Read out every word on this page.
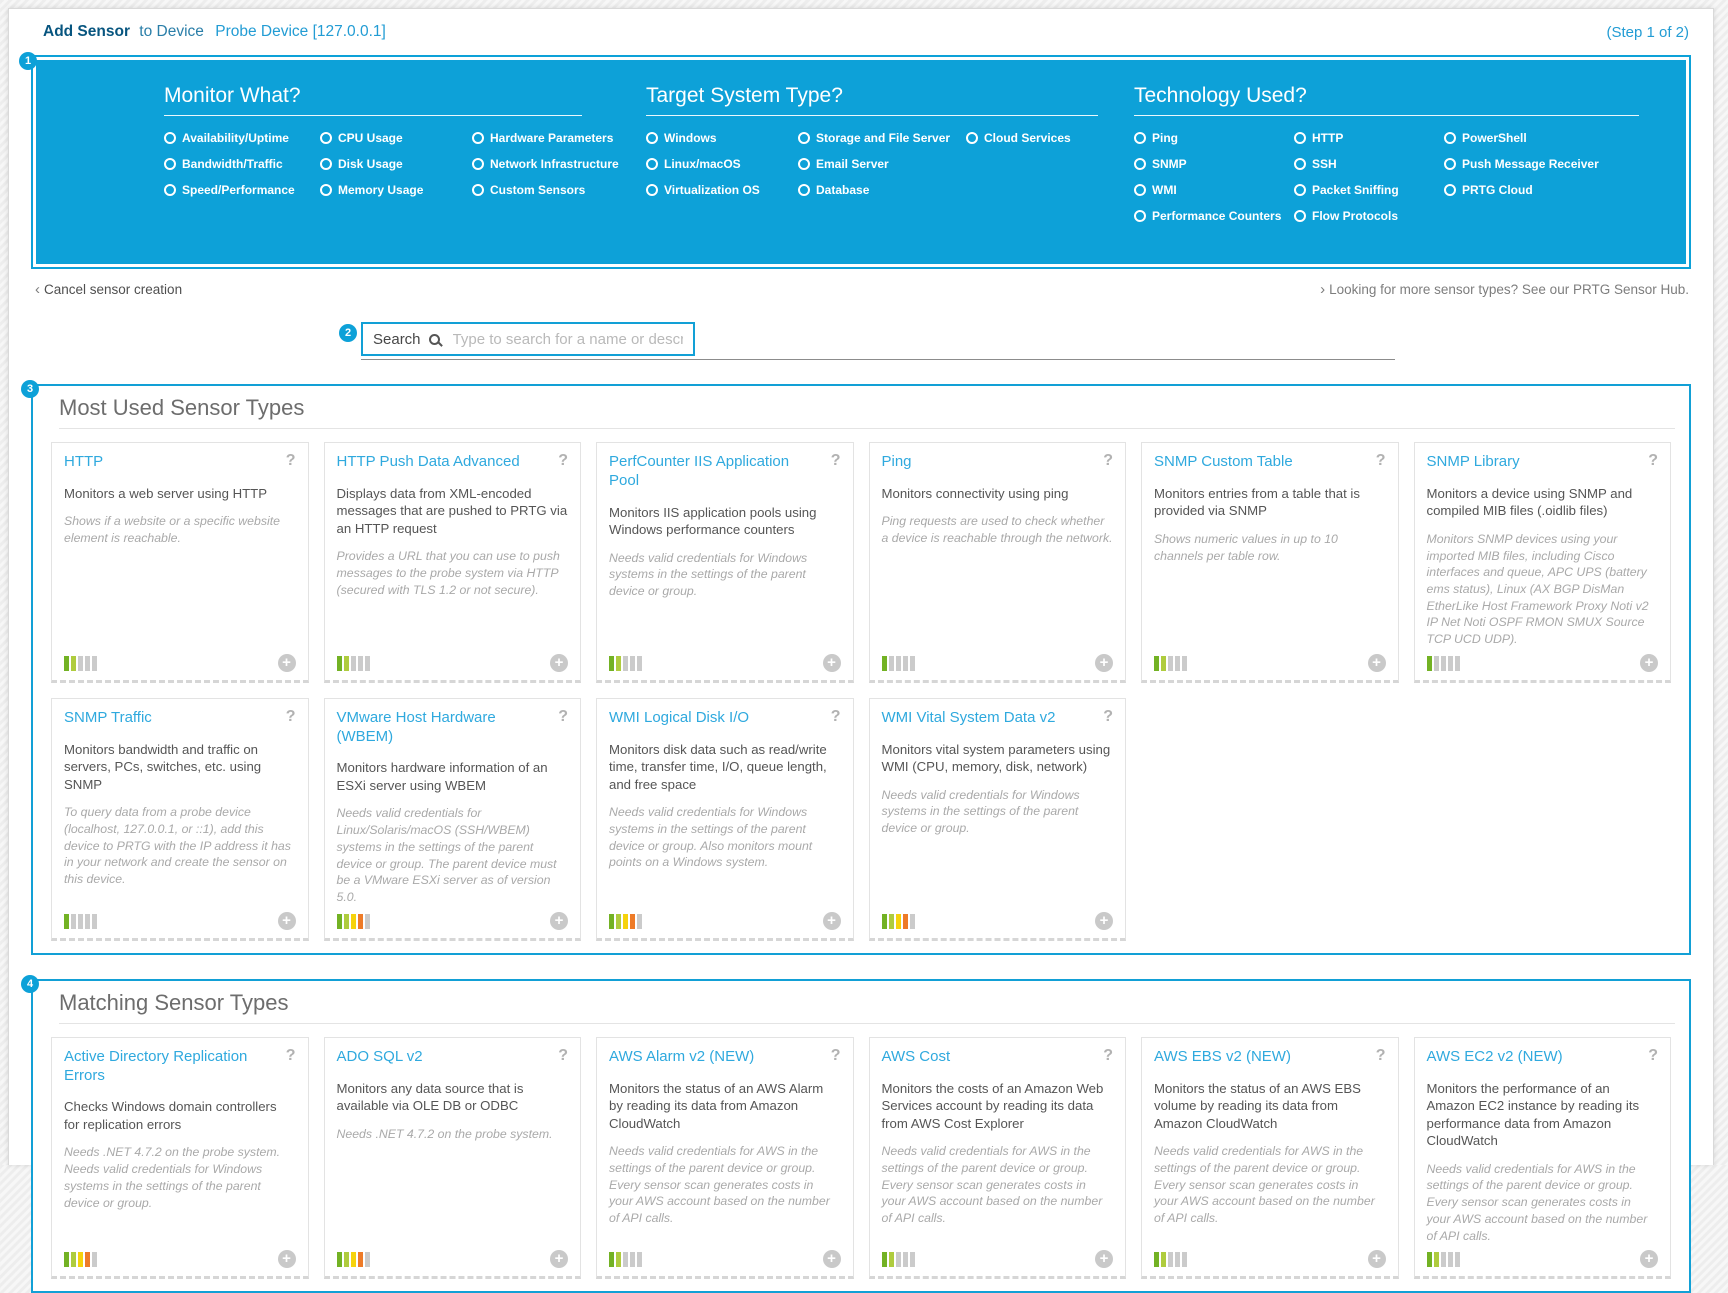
Add Sensor to Device Probe Device [127.0.0.1]	(Step 1 of 2)
1
Monitor What?
Availability/Uptime	CPU Usage	Hardware Parameters
Bandwidth/Traffic	Disk Usage	Network Infrastructure
Speed/Performance	Memory Usage	Custom Sensors
Target System Type?
Windows	Storage and File Server	Cloud Services
Linux/macOS	Email Server
Virtualization OS	Database
Technology Used?
Ping	HTTP	PowerShell
SNMP	SSH	Push Message Receiver
WMI	Packet Sniffing	PRTG Cloud
Performance Counters	Flow Protocols
‹ Cancel sensor creation	› Looking for more sensor types? See our PRTG Sensor Hub.
2	Search
Type to search for a name or description
3
Most Used Sensor Types
HTTP	?
Monitors a web server using HTTP
Shows if a website or a specific website element is reachable.
+
HTTP Push Data Advanced	?
Displays data from XML-encoded messages that are pushed to PRTG via an HTTP request
Provides a URL that you can use to push messages to the probe system via HTTP (secured with TLS 1.2 or not secure).
+
PerfCounter IIS Application Pool
?
Monitors IIS application pools using Windows performance counters
Needs valid credentials for Windows systems in the settings of the parent device or group.
+
Ping	?
Monitors connectivity using ping
Ping requests are used to check whether a device is reachable through the network.
+
SNMP Custom Table	?
Monitors entries from a table that is provided via SNMP
Shows numeric values in up to 10 channels per table row.
+
SNMP Library	?
Monitors a device using SNMP and compiled MIB files (.oidlib files)
Monitors SNMP devices using your imported MIB files, including Cisco interfaces and queue, APC UPS (battery ems status), Linux (AX BGP DisMan EtherLike Host Framework Proxy Noti v2 IP Net Noti OSPF RMON SMUX Source TCP UCD UDP).
+
SNMP Traffic	?
Monitors bandwidth and traffic on servers, PCs, switches, etc. using SNMP
To query data from a probe device (localhost, 127.0.0.1, or ::1), add this device to PRTG with the IP address it has in your network and create the sensor on this device.
+
VMware Host Hardware (WBEM)
?
Monitors hardware information of an ESXi server using WBEM
Needs valid credentials for Linux/Solaris/macOS (SSH/WBEM) systems in the settings of the parent device or group. The parent device must be a VMware ESXi server as of version 5.0.
+
WMI Logical Disk I/O	?
Monitors disk data such as read/write time, transfer time, I/O, queue length, and free space
Needs valid credentials for Windows systems in the settings of the parent device or group. Also monitors mount points on a Windows system.
+
WMI Vital System Data v2	?
Monitors vital system parameters using WMI (CPU, memory, disk, network)
Needs valid credentials for Windows systems in the settings of the parent device or group.
+
4
Matching Sensor Types
Active Directory Replication Errors
?
Checks Windows domain controllers for replication errors
Needs .NET 4.7.2 on the probe system. Needs valid credentials for Windows systems in the settings of the parent device or group.
+
ADO SQL v2	?
Monitors any data source that is available via OLE DB or ODBC
Needs .NET 4.7.2 on the probe system.
+
AWS Alarm v2 (NEW)	?
Monitors the status of an AWS Alarm by reading its data from Amazon CloudWatch
Needs valid credentials for AWS in the settings of the parent device or group. Every sensor scan generates costs in your AWS account based on the number of API calls.
+
AWS Cost	?
Monitors the costs of an Amazon Web Services account by reading its data from AWS Cost Explorer
Needs valid credentials for AWS in the settings of the parent device or group. Every sensor scan generates costs in your AWS account based on the number of API calls.
+
AWS EBS v2 (NEW)	?
Monitors the status of an AWS EBS volume by reading its data from Amazon CloudWatch
Needs valid credentials for AWS in the settings of the parent device or group. Every sensor scan generates costs in your AWS account based on the number of API calls.
+
AWS EC2 v2 (NEW)	?
Monitors the performance of an Amazon EC2 instance by reading its performance data from Amazon CloudWatch
Needs valid credentials for AWS in the settings of the parent device or group. Every sensor scan generates costs in your AWS account based on the number of API calls.
+
